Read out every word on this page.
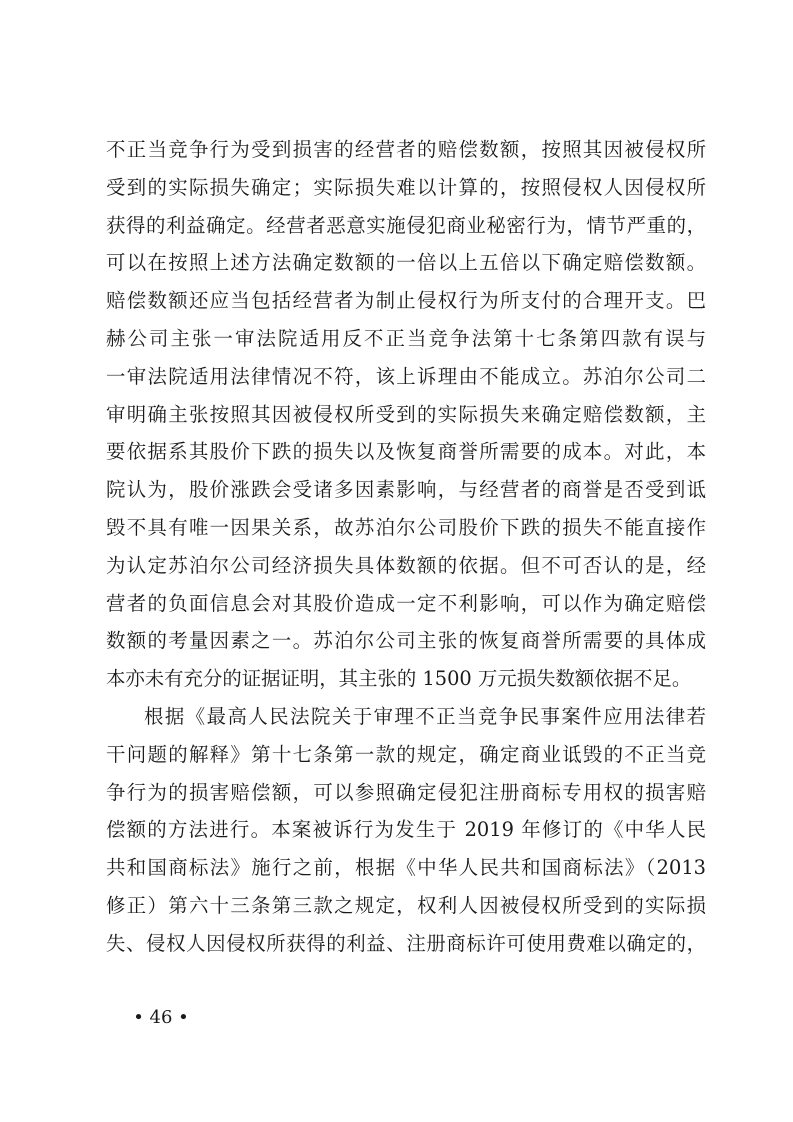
不正当竞争行为受到损害的经营者的赔偿数额，按照其因被侵权所
受到的实际损失确定；实际损失难以计算的，按照侵权人因侵权所
获得的利益确定。经营者恶意实施侵犯商业秘密行为，情节严重的，
可以在按照上述方法确定数额的一倍以上五倍以下确定赔偿数额。
赔偿数额还应当包括经营者为制止侵权行为所支付的合理开支。巴
赫公司主张一审法院适用反不正当竞争法第十七条第四款有误与
一审法院适用法律情况不符，该上诉理由不能成立。苏泊尔公司二
审明确主张按照其因被侵权所受到的实际损失来确定赔偿数额，主
要依据系其股价下跌的损失以及恢复商誉所需要的成本。对此，本
院认为，股价涨跌会受诸多因素影响，与经营者的商誉是否受到诋
毁不具有唯一因果关系，故苏泊尔公司股价下跌的损失不能直接作
为认定苏泊尔公司经济损失具体数额的依据。但不可否认的是，经
营者的负面信息会对其股价造成一定不利影响，可以作为确定赔偿
数额的考量因素之一。苏泊尔公司主张的恢复商誉所需要的具体成
本亦未有充分的证据证明，其主张的 1500 万元损失数额依据不足。
根据《最高人民法院关于审理不正当竞争民事案件应用法律若
干问题的解释》第十七条第一款的规定，确定商业诋毁的不正当竞
争行为的损害赔偿额，可以参照确定侵犯注册商标专用权的损害赔
偿额的方法进行。本案被诉行为发生于 2019 年修订的《中华人民
共和国商标法》施行之前，根据《中华人民共和国商标法》（2013
修正）第六十三条第三款之规定，权利人因被侵权所受到的实际损
失、侵权人因侵权所获得的利益、注册商标许可使用费难以确定的，
• 46 •
